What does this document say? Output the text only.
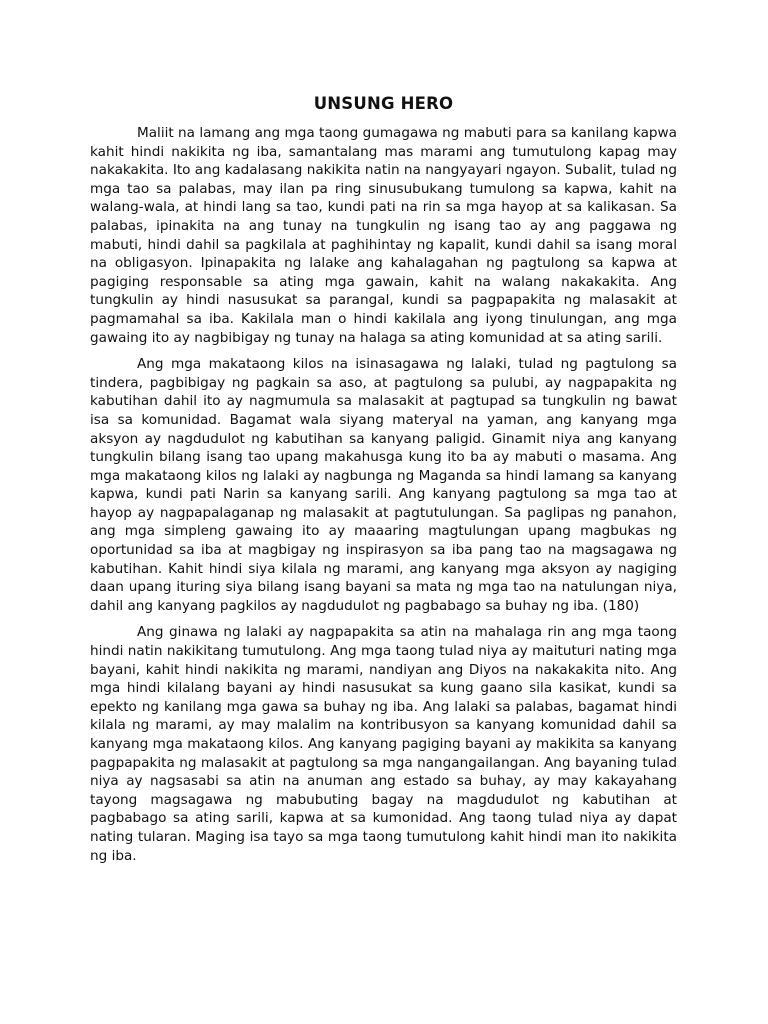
UNSUNG HERO

Maliit na lamang ang mga taong gumagawa ng mabuti para sa kanilang kapwa kahit hindi nakikita ng iba, samantalang mas marami ang tumutulong kapag may nakakakita. Ito ang kadalasang nakikita natin na nangyayari ngayon. Subalit, tulad ng mga tao sa palabas, may ilan pa ring sinusubukang tumulong sa kapwa, kahit na walang-wala, at hindi lang sa tao, kundi pati na rin sa mga hayop at sa kalikasan. Sa palabas, ipinakita na ang tunay na tungkulin ng isang tao ay ang paggawa ng mabuti, hindi dahil sa pagkilala at paghihintay ng kapalit, kundi dahil sa isang moral na obligasyon. Ipinapakita ng lalake ang kahalagahan ng pagtulong sa kapwa at pagiging responsable sa ating mga gawain, kahit na walang nakakakita. Ang tungkulin ay hindi nasusukat sa parangal, kundi sa pagpapakita ng malasakit at pagmamahal sa iba. Kakilala man o hindi kakilala ang iyong tinulungan, ang mga gawaing ito ay nagbibigay ng tunay na halaga sa ating komunidad at sa ating sarili.

Ang mga makataong kilos na isinasagawa ng lalaki, tulad ng pagtulong sa tindera, pagbibigay ng pagkain sa aso, at pagtulong sa pulubi, ay nagpapakita ng kabutihan dahil ito ay nagmumula sa malasakit at pagtupad sa tungkulin ng bawat isa sa komunidad. Bagamat wala siyang materyal na yaman, ang kanyang mga aksyon ay nagdudulot ng kabutihan sa kanyang paligid. Ginamit niya ang kanyang tungkulin bilang isang tao upang makahusga kung ito ba ay mabuti o masama. Ang mga makataong kilos ng lalaki ay nagbunga ng Maganda sa hindi lamang sa kanyang kapwa, kundi pati Narin sa kanyang sarili. Ang kanyang pagtulong sa mga tao at hayop ay nagpapalaganap ng malasakit at pagtutulungan. Sa paglipas ng panahon, ang mga simpleng gawaing ito ay maaaring magtulungan upang magbukas ng oportunidad sa iba at magbigay ng inspirasyon sa iba pang tao na magsagawa ng kabutihan. Kahit hindi siya kilala ng marami, ang kanyang mga aksyon ay nagiging daan upang ituring siya bilang isang bayani sa mata ng mga tao na natulungan niya, dahil ang kanyang pagkilos ay nagdudulot ng pagbabago sa buhay ng iba. (180)

Ang ginawa ng lalaki ay nagpapakita sa atin na mahalaga rin ang mga taong hindi natin nakikitang tumutulong. Ang mga taong tulad niya ay maituturi nating mga bayani, kahit hindi nakikita ng marami, nandiyan ang Diyos na nakakakita nito. Ang mga hindi kilalang bayani ay hindi nasusukat sa kung gaano sila kasikat, kundi sa epekto ng kanilang mga gawa sa buhay ng iba. Ang lalaki sa palabas, bagamat hindi kilala ng marami, ay may malalim na kontribusyon sa kanyang komunidad dahil sa kanyang mga makataong kilos. Ang kanyang pagiging bayani ay makikita sa kanyang pagpapakita ng malasakit at pagtulong sa mga nangangailangan. Ang bayaning tulad niya ay nagsasabi sa atin na anuman ang estado sa buhay, ay may kakayahang tayong magsagawa ng mabubuting bagay na magdudulot ng kabutihan at pagbabago sa ating sarili, kapwa at sa kumonidad. Ang taong tulad niya ay dapat nating tularan. Maging isa tayo sa mga taong tumutulong kahit hindi man ito nakikita ng iba.
